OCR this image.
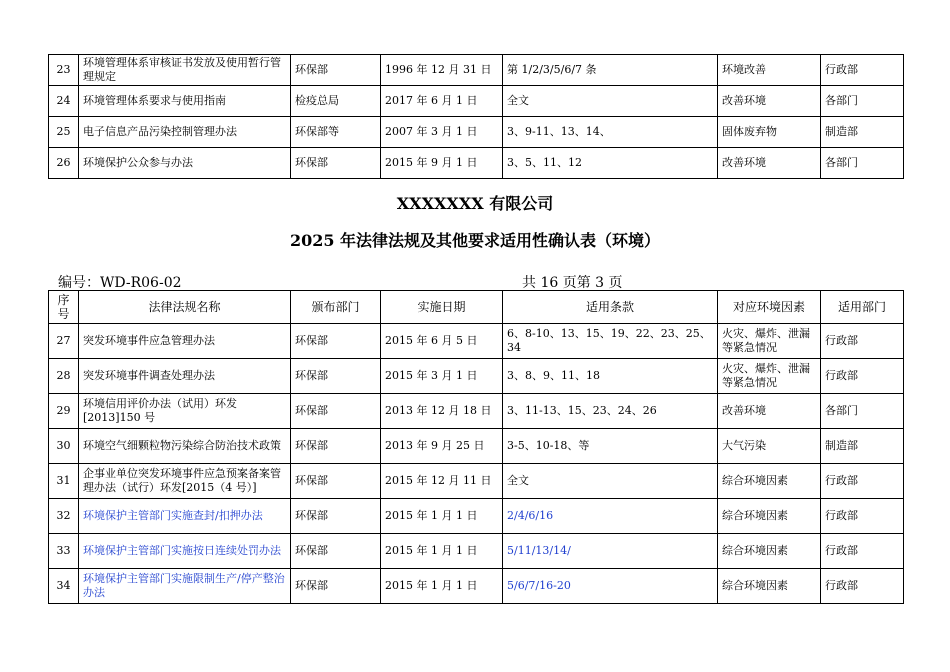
23	环境管理体系审核证书发放及使用暂行管理规定	环保部	1996 年 12 月 31 日	第 1/2/3/5/6/7 条	环境改善	行政部
24	环境管理体系要求与使用指南	检疫总局	2017 年 6 月 1 日	全文	改善环境	各部门
25	电子信息产品污染控制管理办法	环保部等	2007 年 3 月 1 日	3、9-11、13、14、	固体废弃物	制造部
26	环境保护公众参与办法	环保部	2015 年 9 月 1 日	3、5、11、12	改善环境	各部门
XXXXXXX 有限公司
2025 年法律法规及其他要求适用性确认表（环境）
编号：WD-R06-02	共 16 页第 3 页
序号	法律法规名称	颁布部门	实施日期	适用条款	对应环境因素	适用部门
27	突发环境事件应急管理办法	环保部	2015 年 6 月 5 日	6、8-10、13、15、19、22、23、25、34	火灾、爆炸、泄漏等紧急情况	行政部
28	突发环境事件调查处理办法	环保部	2015 年 3 月 1 日	3、8、9、11、18	火灾、爆炸、泄漏等紧急情况	行政部
29	环境信用评价办法（试用）环发[2013]150 号	环保部	2013 年 12 月 18 日	3、11-13、15、23、24、26	改善环境	各部门
30	环境空气细颗粒物污染综合防治技术政策	环保部	2013 年 9 月 25 日	3-5、10-18、等	大气污染	制造部
31	企事业单位突发环境事件应急预案备案管理办法（试行）环发[2015（4 号）]	环保部	2015 年 12 月 11 日	全文	综合环境因素	行政部
32	环境保护主管部门实施查封/扣押办法	环保部	2015 年 1 月 1 日	2/4/6/16	综合环境因素	行政部
33	环境保护主管部门实施按日连续处罚办法	环保部	2015 年 1 月 1 日	5/11/13/14/	综合环境因素	行政部
34	环境保护主管部门实施限制生产/停产整治办法	环保部	2015 年 1 月 1 日	5/6/7/16-20	综合环境因素	行政部
